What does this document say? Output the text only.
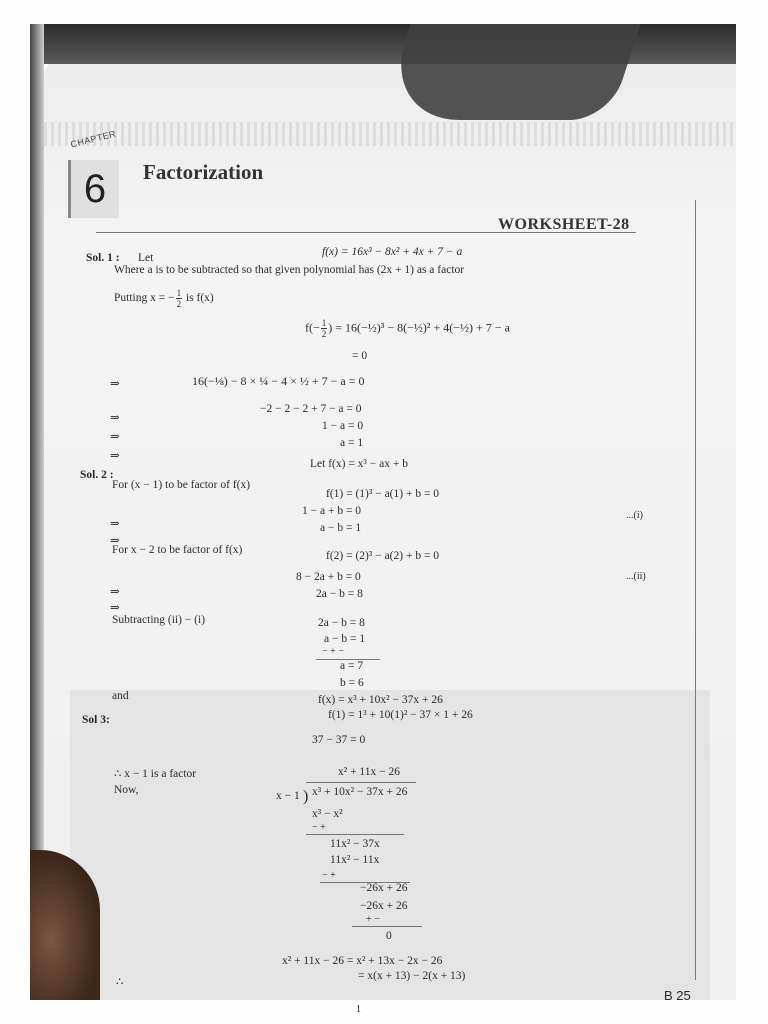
CHAPTER
6	Factorization
WORKSHEET-28
Sol. 1 : Let	f(x) = 16x³ − 8x² + 4x + 7 − a
Where a is to be subtracted so that given polynomial has (2x + 1) as a factor
Putting x = − $\frac{1}{2}$ is f(x)
$f(- \frac{1}{2}$ ) = 16(−½)³ − 8(−½)² + 4(−½) + 7 − a
= 0
⇒	16(−⅛) − 8 × ¼ − 4 × ½ + 7 − a = 0
⇒
−2 − 2 − 2 + 7 − a = 0
⇒
1 − a = 0
⇒
a = 1
Let f(x) = x³ − ax + b
Sol. 2 :
For (x − 1) to be factor of f(x)
f(1) = (1)³ − a(1) + b = 0
1 − a + b = 0
⇒	a − b = 1
...(i)
⇒
For x − 2 to be factor of f(x)	f(2) = (2)³ − a(2) + b = 0
8 − 2a + b = 0	...(ii)
⇒	2a − b = 8
⇒
Subtracting (ii) − (i)	2a − b = 8
a − b = 1
− + −
a = 7
b = 6
and	f(x) = x³ + 10x² − 37x + 26
Sol 3:	f(1) = 1³ + 10(1)² − 37 × 1 + 26
37 − 37 = 0
∴ x − 1 is a factor	x² + 11x − 26
Now,	x − 1 ) x³ + 10x² − 37x + 26
x³ − x²
− +
11x² − 37x
11x² − 11x
− +
−26x + 26
−26x + 26
+ −
0
x² + 11x − 26 = x² + 13x − 2x − 26
∴	= x(x + 13) − 2(x + 13)
B 25
1
